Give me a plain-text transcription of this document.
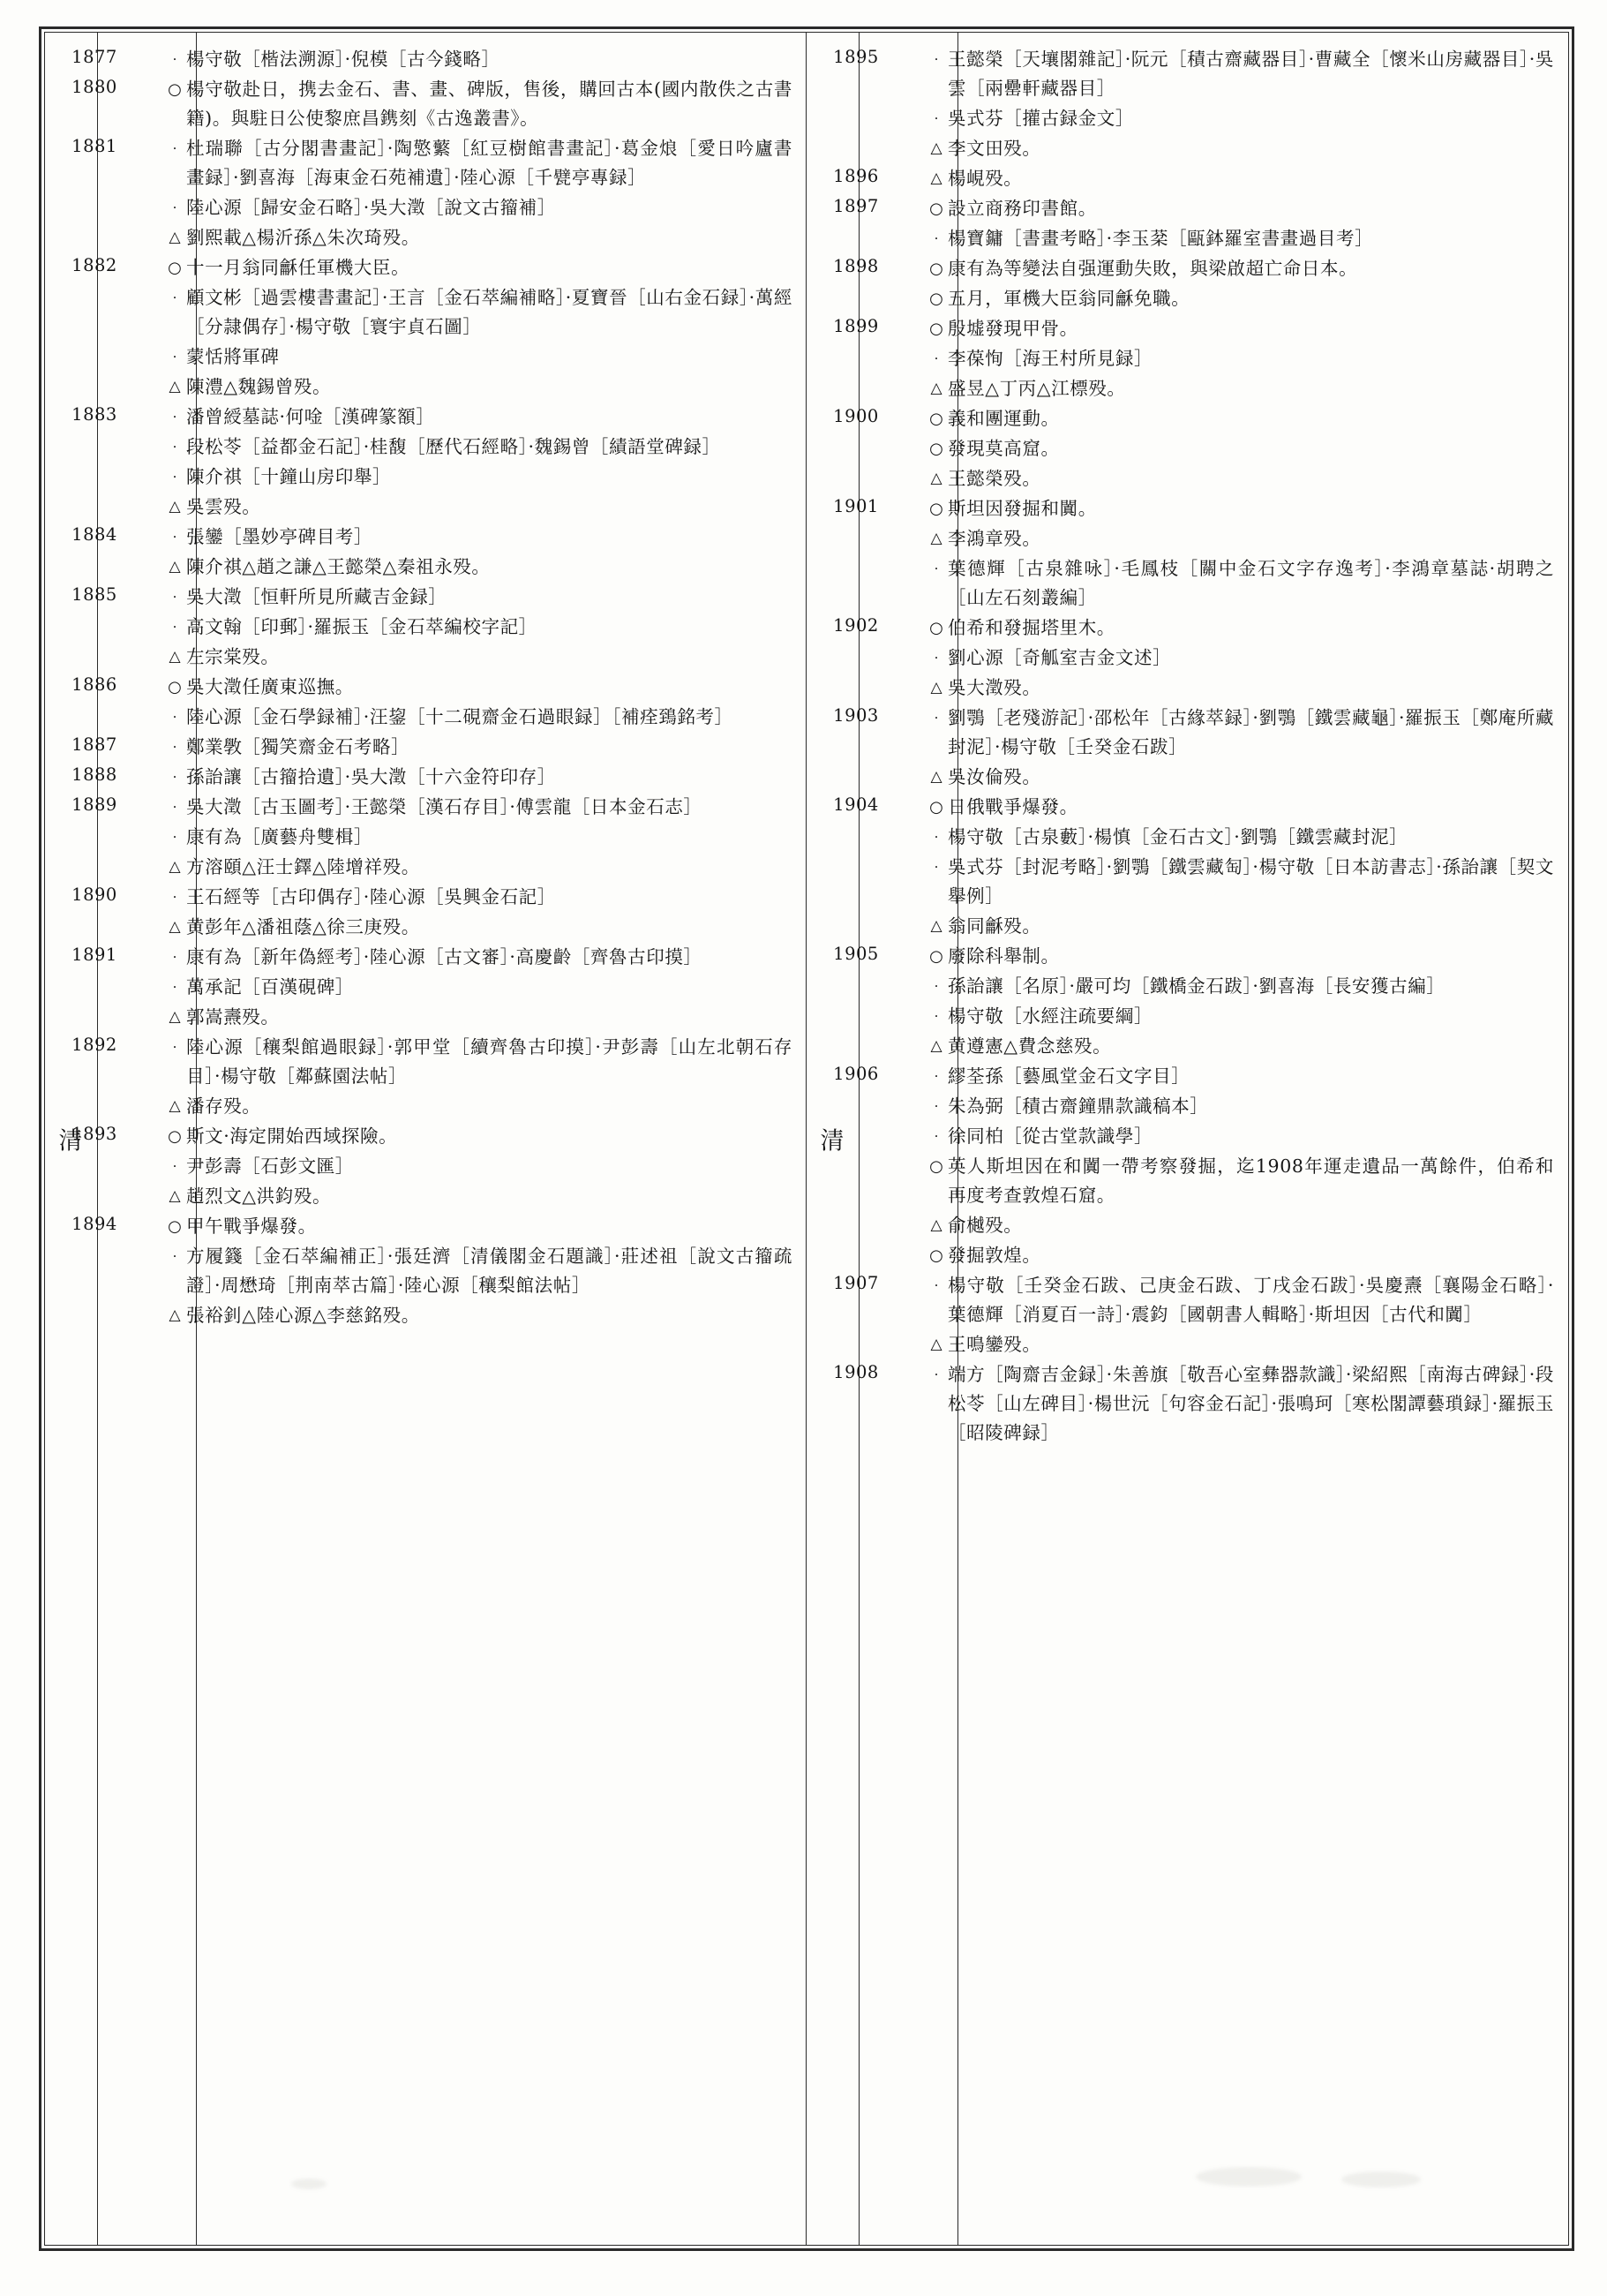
清
1877	· 楊守敬［楷法溯源］·倪模［古今錢略］
1880	○ 楊守敬赴日，携去金石、書、畫、碑版，售後，購回古本(國内散佚之古書籍)。與駐日公使黎庶昌鎸刻《古逸叢書》。
1881	· 杜瑞聯［古分閣書畫記］·陶憼蘩［紅豆樹館書畫記］·葛金烺［愛日吟廬書畫録］·劉喜海［海東金石苑補遺］·陸心源［千甓亭專録］
· 陸心源［歸安金石略］·吳大澂［說文古籀補］
△ 劉熙載△楊沂孫△朱次琦殁。
1882	○ 十一月翁同龢任軍機大臣。
· 顧文彬［過雲樓書畫記］·王言［金石萃編補略］·夏寶晉［山右金石録］·萬經［分隷偶存］·楊守敬［寰宇貞石圖］
· 蒙恬將軍碑
△ 陳澧△魏錫曾殁。
1883	· 潘曾綬墓誌·何唫［漢碑篆額］
· 段松苓［益都金石記］·桂馥［歷代石經略］·魏錫曾［績語堂碑録］
· 陳介祺［十鐘山房印舉］
△ 吳雲殁。
1884	· 張鑾［墨妙亭碑目考］
△ 陳介祺△趙之謙△王懿榮△秦祖永殁。
1885	· 吳大澂［恒軒所見所藏吉金録］
· 高文翰［印郵］·羅振玉［金石萃編校字記］
△ 左宗棠殁。
1886	○ 吳大澂任廣東巡撫。
· 陸心源［金石學録補］·汪鋆［十二硯齋金石過眼録］［補痊鵄銘考］
1887	· 鄭業斆［獨笑齋金石考略］
1888	· 孫詒讓［古籀拾遺］·吳大澂［十六金符印存］
1889	· 吳大澂［古玉圖考］·王懿榮［漢石存目］·傅雲龍［日本金石志］
· 康有為［廣藝舟雙楫］
△ 方溶頤△汪士鐸△陸增祥殁。
1890	· 王石經等［古印偶存］·陸心源［吳興金石記］
△ 黄彭年△潘祖蔭△徐三庚殁。
1891	· 康有為［新年偽經考］·陸心源［古文審］·高慶齡［齊魯古印摸］
· 萬承記［百漢硯碑］
△ 郭嵩燾殁。
1892	· 陸心源［穰梨館過眼録］·郭甲堂［續齊魯古印摸］·尹彭壽［山左北朝石存目］·楊守敬［鄰蘇園法帖］
△ 潘存殁。
1893	○ 斯文·海定開始西域探險。
· 尹彭壽［石彭文匯］
△ 趙烈文△洪鈞殁。
1894	○ 甲午戰爭爆發。
· 方履籛［金石萃編補正］·張廷濟［清儀閣金石題識］·莊述祖［說文古籀疏證］·周懋琦［荆南萃古篇］·陸心源［穰梨館法帖］
△ 張裕釗△陸心源△李慈銘殁。
清
1895	· 王懿榮［天壤閣雜記］·阮元［積古齋藏器目］·曹藏全［懷米山房藏器目］·吳雲［兩罍軒藏器目］
· 吳式芬［㩲古録金文］
△ 李文田殁。
1896	△ 楊峴殁。
1897	○ 設立商務印書館。
· 楊寶鏞［書畫考略］·李玉棻［甌鉢羅室書畫過目考］
1898	○ 康有為等變法自强運動失敗，與梁啟超亡命日本。
○ 五月，軍機大臣翁同龢免職。
1899	○ 殷墟發現甲骨。
· 李葆恂［海王村所見録］
△ 盛昱△丁丙△江標殁。
1900	○ 義和團運動。
○ 發現莫高窟。
△ 王懿榮殁。
1901	○ 斯坦因發掘和闐。
△ 李鴻章殁。
· 葉德輝［古泉雜咏］·毛鳳枝［關中金石文字存逸考］·李鴻章墓誌·胡聘之［山左石刻叢編］
1902	○ 伯希和發掘塔里木。
· 劉心源［奇觚室吉金文述］
△ 吳大澂殁。
1903	· 劉鶚［老殘游記］·邵松年［古緣萃録］·劉鶚［鐵雲藏龜］·羅振玉［鄭庵所藏封泥］·楊守敬［壬癸金石跋］
△ 吳汝倫殁。
1904	○ 日俄戰爭爆發。
· 楊守敬［古泉藪］·楊慎［金石古文］·劉鶚［鐵雲藏封泥］
· 吳式芬［封泥考略］·劉鶚［鐵雲藏匋］·楊守敬［日本訪書志］·孫詒讓［契文舉例］
△ 翁同龢殁。
1905	○ 廢除科舉制。
· 孫詒讓［名原］·嚴可均［鐵橋金石跋］·劉喜海［長安獲古編］
· 楊守敬［水經注疏要綱］
△ 黄遵憲△費念慈殁。
1906	· 繆荃孫［藝風堂金石文字目］
· 朱為弼［積古齋鐘鼎款識稿本］
· 徐同柏［從古堂款識學］
○ 英人斯坦因在和闐一帶考察發掘，迄1908年運走遺品一萬餘件，伯希和再度考查敦煌石窟。
△ 俞樾殁。
○ 發掘敦煌。
1907	· 楊守敬［壬癸金石跋、己庚金石跋、丁戌金石跋］·吳慶燾［襄陽金石略］·葉德輝［消夏百一詩］·震鈞［國朝書人輯略］·斯坦因［古代和闐］
△ 王鳴鑾殁。
1908	· 端方［陶齋吉金録］·朱善旗［敬吾心室彝器款識］·梁紹熙［南海古碑録］·段松苓［山左碑目］·楊世沅［句容金石記］·張鳴珂［寒松閣譚藝瑣録］·羅振玉［昭陵碑録］
